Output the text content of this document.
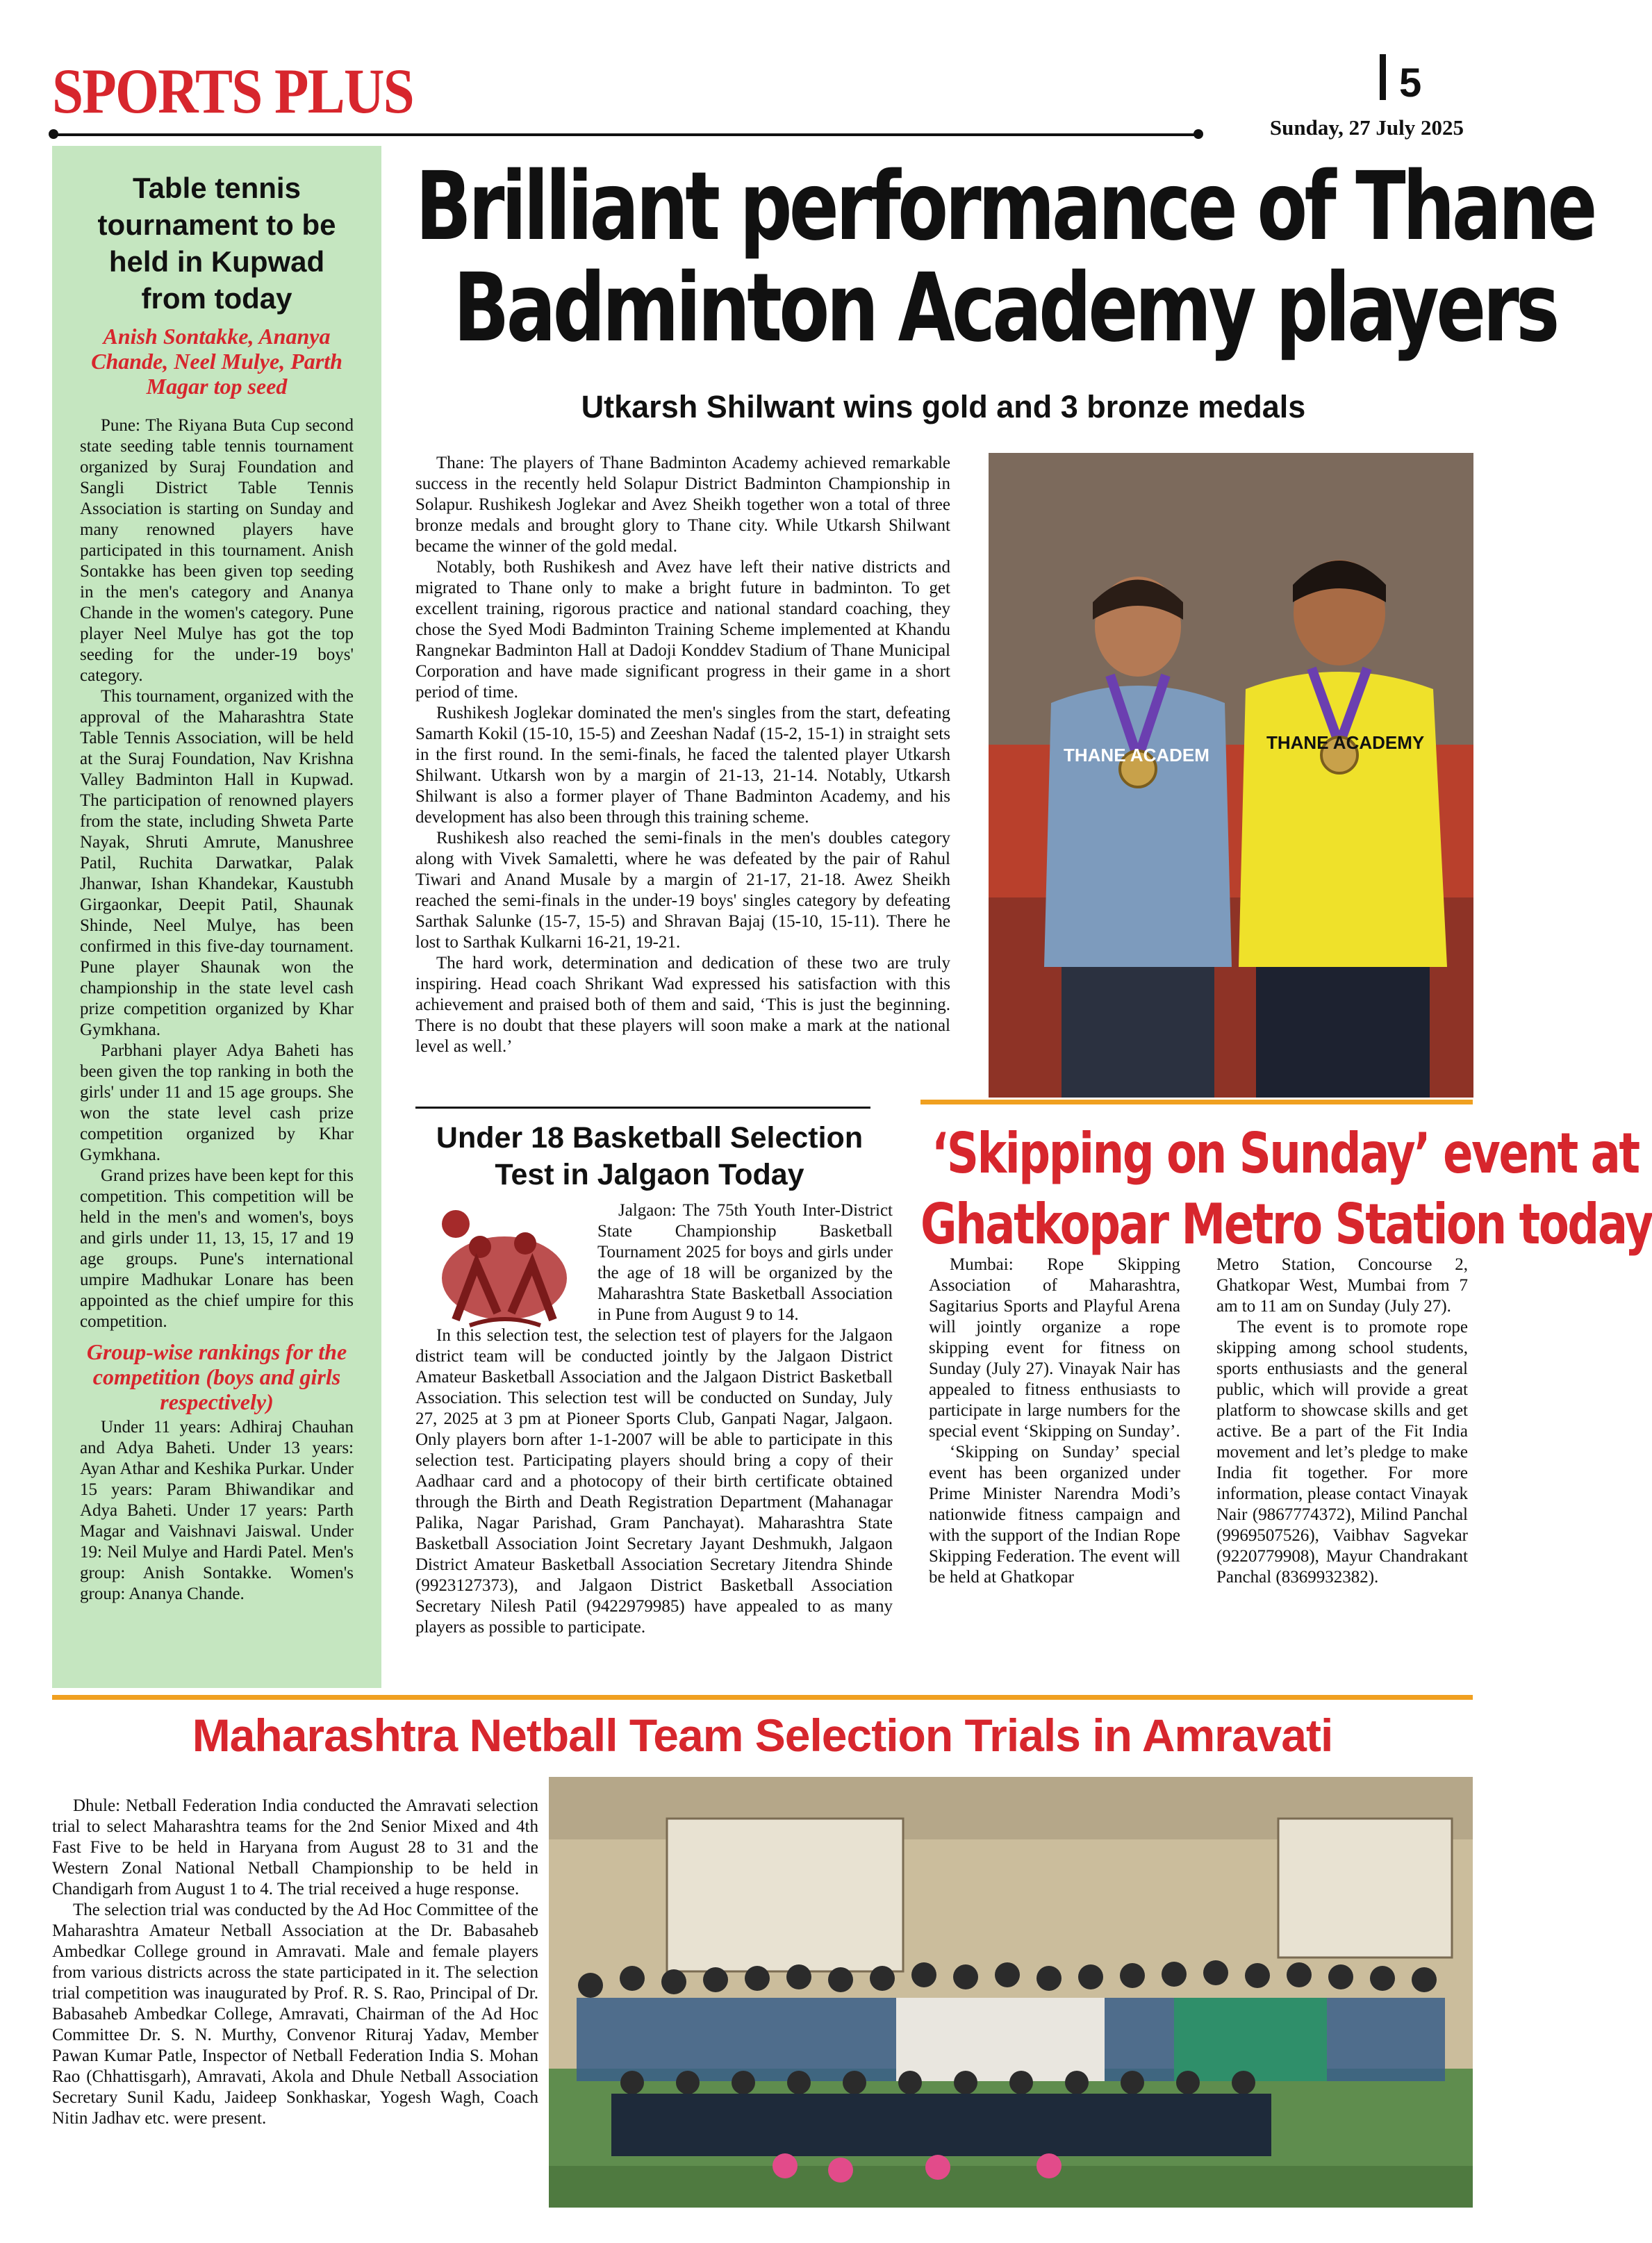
SPORTS PLUS	5
Sunday, 27 July 2025
Table tennis tournament to be held in Kupwad from today
Anish Sontakke, Ananya Chande, Neel Mulye, Parth Magar top seed

Pune: The Riyana Buta Cup second state seeding table tennis tournament organized by Suraj Foundation and Sangli District Table Tennis Association is starting on Sunday and many renowned players have participated in this tournament. Anish Sontakke has been given top seeding in the men's category and Ananya Chande in the women's category. Pune player Neel Mulye has got the top seeding for the under-19 boys' category.

This tournament, organized with the approval of the Maharashtra State Table Tennis Association, will be held at the Suraj Foundation, Nav Krishna Valley Badminton Hall in Kupwad. The participation of renowned players from the state, including Shweta Parte Nayak, Shruti Amrute, Manushree Patil, Ruchita Darwatkar, Palak Jhanwar, Ishan Khandekar, Kaustubh Girgaonkar, Deepit Patil, Shaunak Shinde, Neel Mulye, has been confirmed in this five-day tournament. Pune player Shaunak won the championship in the state level cash prize competition organized by Khar Gymkhana.

Parbhani player Adya Baheti has been given the top ranking in both the girls' under 11 and 15 age groups. She won the state level cash prize competition organized by Khar Gymkhana.

Grand prizes have been kept for this competition. This competition will be held in the men's and women's, boys and girls under 11, 13, 15, 17 and 19 age groups. Pune's international umpire Madhukar Lonare has been appointed as the chief umpire for this competition.

Group-wise rankings for the competition (boys and girls respectively)

Under 11 years: Adhiraj Chauhan and Adya Baheti. Under 13 years: Ayan Athar and Keshika Purkar. Under 15 years: Param Bhiwandikar and Adya Baheti. Under 17 years: Parth Magar and Vaishnavi Jaiswal. Under 19: Neil Mulye and Hardi Patel. Men's group: Anish Sontakke. Women's group: Ananya Chande.

Brilliant performance of Thane
Badminton Academy players
Utkarsh Shilwant wins gold and 3 bronze medals

Thane: The players of Thane Badminton Academy achieved remarkable success in the recently held Solapur District Badminton Championship in Solapur. Rushikesh Joglekar and Avez Sheikh together won a total of three bronze medals and brought glory to Thane city. While Utkarsh Shilwant became the winner of the gold medal.

Notably, both Rushikesh and Avez have left their native districts and migrated to Thane only to make a bright future in badminton. To get excellent training, rigorous practice and national standard coaching, they chose the Syed Modi Badminton Training Scheme implemented at Khandu Rangnekar Badminton Hall at Dadoji Konddev Stadium of Thane Municipal Corporation and have made significant progress in their game in a short period of time.

Rushikesh Joglekar dominated the men's singles from the start, defeating Samarth Kokil (15-10, 15-5) and Zeeshan Nadaf (15-2, 15-1) in straight sets in the first round. In the semi-finals, he faced the talented player Utkarsh Shilwant. Utkarsh won by a margin of 21-13, 21-14. Notably, Utkarsh Shilwant is also a former player of Thane Badminton Academy, and his development has also been through this training scheme.

Rushikesh also reached the semi-finals in the men's doubles category along with Vivek Samaletti, where he was defeated by the pair of Rahul Tiwari and Anand Musale by a margin of 21-17, 21-18. Awez Sheikh reached the semi-finals in the under-19 boys' singles category by defeating Sarthak Salunke (15-7, 15-5) and Shravan Bajaj (15-10, 15-11). There he lost to Sarthak Kulkarni 16-21, 19-21.

The hard work, determination and dedication of these two are truly inspiring. Head coach Shrikant Wad expressed his satisfaction with this achievement and praised both of them and said, ‘This is just the beginning. There is no doubt that these players will soon make a mark at the national level as well.’

THANE ACADEM
THANE ACADEMY
Under 18 Basketball Selection Test in Jalgaon Today

Jalgaon: The 75th Youth Inter-District State Championship Basketball Tournament 2025 for boys and girls under the age of 18 will be organized by the Maharashtra State Basketball Association in Pune from August 9 to 14.

In this selection test, the selection test of players for the Jalgaon district team will be conducted jointly by the Jalgaon District Amateur Basketball Association and the Jalgaon District Basketball Association. This selection test will be conducted on Sunday, July 27, 2025 at 3 pm at Pioneer Sports Club, Ganpati Nagar, Jalgaon. Only players born after 1-1-2007 will be able to participate in this selection test. Participating players should bring a copy of their Aadhaar card and a photocopy of their birth certificate obtained through the Birth and Death Registration Department (Mahanagar Palika, Nagar Parishad, Gram Panchayat). Maharashtra State Basketball Association Joint Secretary Jayant Deshmukh, Jalgaon District Amateur Basketball Association Secretary Jitendra Shinde (9923127373), and Jalgaon District Basketball Association Secretary Nilesh Patil (9422979985) have appealed to as many players as possible to participate.

‘Skipping on Sunday’ event at
Ghatkopar Metro Station today

Mumbai: Rope Skipping Association of Maharashtra, Sagitarius Sports and Playful Arena will jointly organize a rope skipping event for fitness on Sunday (July 27). Vinayak Nair has appealed to fitness enthusiasts to participate in large numbers for the special event ‘Skipping on Sunday’.

‘Skipping on Sunday’ special event has been organized under Prime Minister Narendra Modi’s nationwide fitness campaign and with the support of the Indian Rope Skipping Federation. The event will be held at Ghatkopar

Metro Station, Concourse 2, Ghatkopar West, Mumbai from 7 am to 11 am on Sunday (July 27).

The event is to promote rope skipping among school students, sports enthusiasts and the general public, which will provide a great platform to showcase skills and get active. Be a part of the Fit India movement and let’s pledge to make India fit together. For more information, please contact Vinayak Nair (9867774372), Milind Panchal (9969507526), Vaibhav Sagvekar (9220779908), Mayur Chandrakant Panchal (8369932382).

Maharashtra Netball Team Selection Trials in Amravati

Dhule: Netball Federation India conducted the Amravati selection trial to select Maharashtra teams for the 2nd Senior Mixed and 4th Fast Five to be held in Haryana from August 28 to 31 and the Western Zonal National Netball Championship to be held in Chandigarh from August 1 to 4. The trial received a huge response.

The selection trial was conducted by the Ad Hoc Committee of the Maharashtra Amateur Netball Association at the Dr. Babasaheb Ambedkar College ground in Amravati. Male and female players from various districts across the state participated in it. The selection trial competition was inaugurated by Prof. R. S. Rao, Principal of Dr. Babasaheb Ambedkar College, Amravati, Chairman of the Ad Hoc Committee Dr. S. N. Murthy, Convenor Rituraj Yadav, Member Pawan Kumar Patle, Inspector of Netball Federation India S. Mohan Rao (Chhattisgarh), Amravati, Akola and Dhule Netball Association Secretary Sunil Kadu, Jaideep Sonkhaskar, Yogesh Wagh, Coach Nitin Jadhav etc. were present.
